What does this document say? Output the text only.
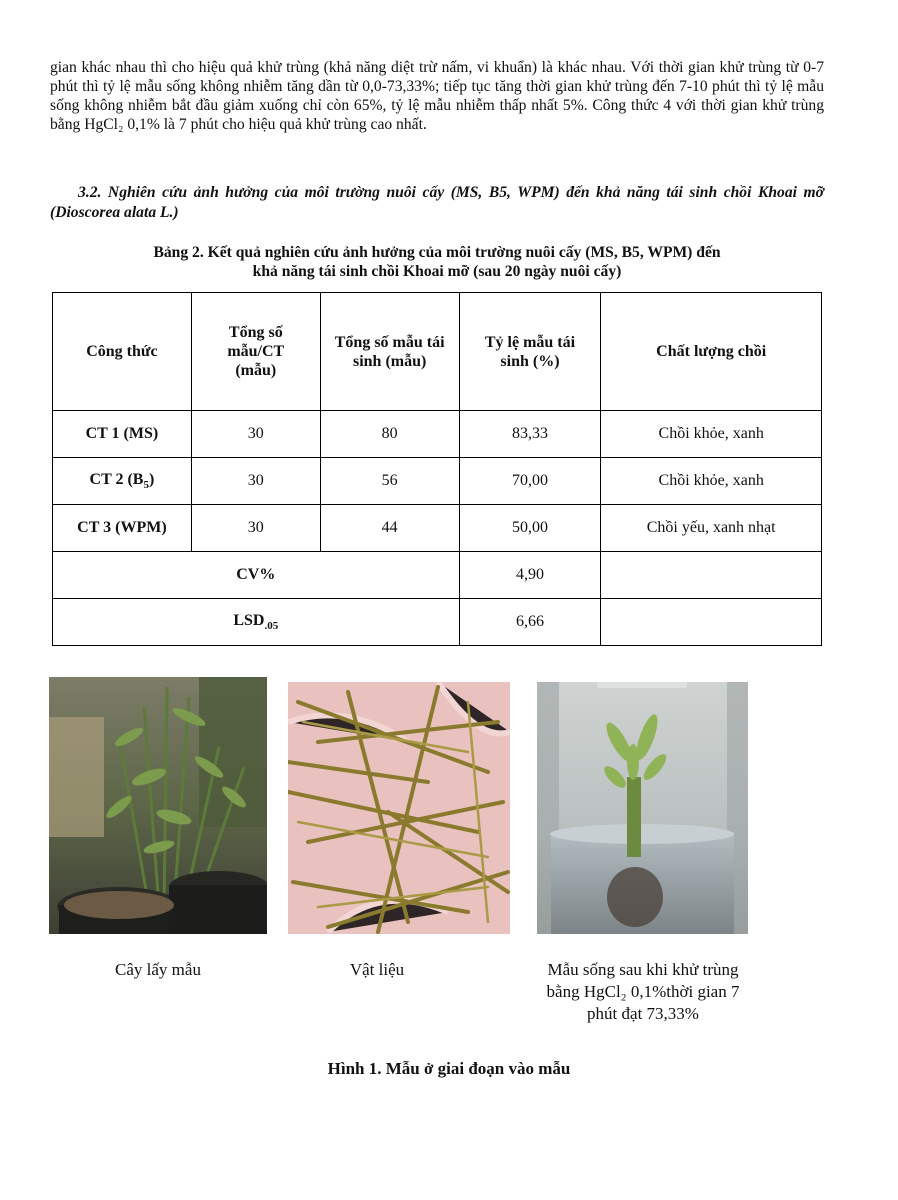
gian khác nhau thì cho hiệu quả khử trùng (khả năng diệt trừ nấm, vi khuẩn) là khác nhau. Với thời gian khử trùng từ 0-7 phút thì tỷ lệ mẫu sống không nhiễm tăng dần từ 0,0-73,33%; tiếp tục tăng thời gian khử trùng đến 7-10 phút thì tỷ lệ mẫu sống không nhiễm bắt đầu giảm xuống chỉ còn 65%, tỷ lệ mẫu nhiễm thấp nhất 5%. Công thức 4 với thời gian khử trùng bằng HgCl₂ 0,1% là 7 phút cho hiệu quả khử trùng cao nhất.

3.2. Nghiên cứu ảnh hưởng của môi trường nuôi cấy (MS, B5, WPM) đến khả năng tái sinh chồi Khoai mỡ (Dioscorea alata L.)

Bảng 2. Kết quả nghiên cứu ảnh hưởng của môi trường nuôi cấy (MS, B5, WPM) đến
khả năng tái sinh chồi Khoai mỡ (sau 20 ngày nuôi cấy)
Công thức	Tổng số mẫu/CT (mẫu)	Tổng số mẫu tái sinh (mẫu)	Tỷ lệ mẫu tái sinh (%)	Chất lượng chồi
CT 1 (MS)	30	80	83,33	Chồi khỏe, xanh
CT 2 $(B_5)$	30	56	70,00	Chồi khỏe, xanh
CT 3 (WPM)	30	44	50,00	Chồi yếu, xanh nhạt
CV%			4,90	
$LSD_{.05}$			6,66	

Cây lấy mẫu	Vật liệu	Mẫu sống sau khi khử trùng
bằng HgCl₂ 0,1%thời gian 7
phút đạt 73,33%

Hình 1. Mẫu ở giai đoạn vào mẫu
